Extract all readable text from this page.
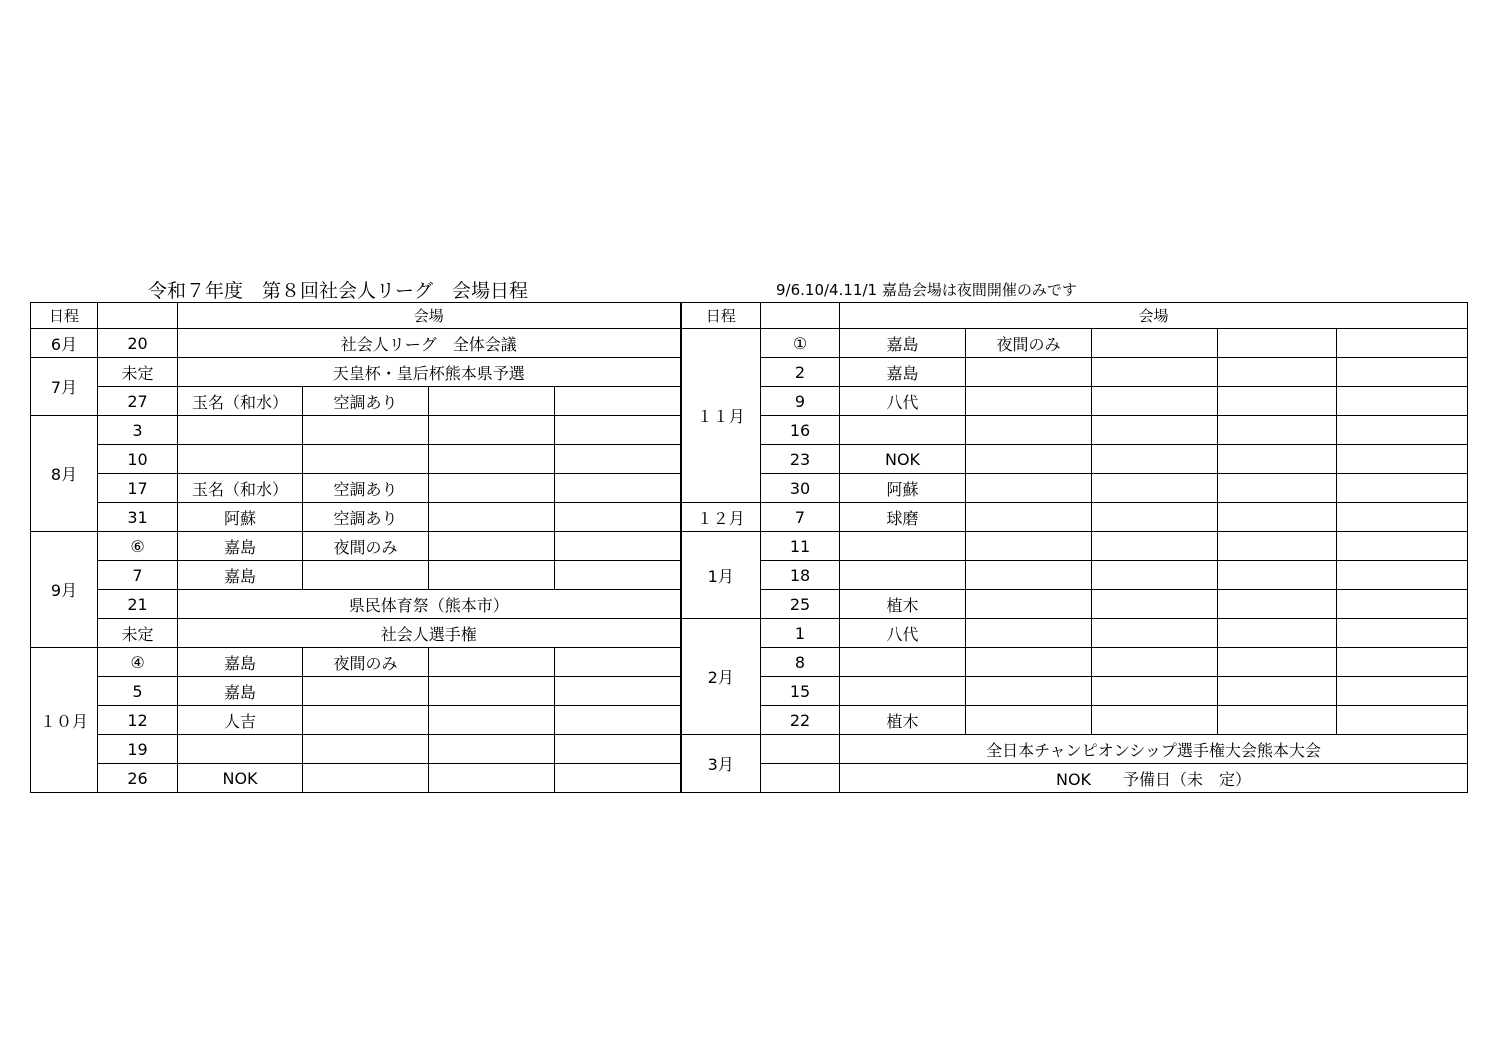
令和７年度　第８回社会人リーグ　会場日程	9/6.10/4.11/1 嘉島会場は夜間開催のみです
日程		会場				日程		会場				
6月	20	社会人リーグ　全体会議				１１月	①	嘉島	夜間のみ			
7月	未定	天皇杯・皇后杯熊本県予選					2	嘉島				
	27	玉名（和水）	空調あり				9	八代				
8月	3						16					
	10						23	NOK				
	17	玉名（和水）	空調あり				30	阿蘇				
	31	阿蘇	空調あり			１２月	7	球磨				
9月	⑥	嘉島	夜間のみ			1月	11					
	7	嘉島					18					
	21	県民体育祭（熊本市）					25	植木				
	未定	社会人選手権				2月	1	八代				
１０月	④	嘉島	夜間のみ				8					
	5	嘉島					15					
	12	人吉					22	植木				
	19					3月		全日本チャンピオンシップ選手権大会熊本大会				
	26	NOK						NOK　　予備日（未　定）				
